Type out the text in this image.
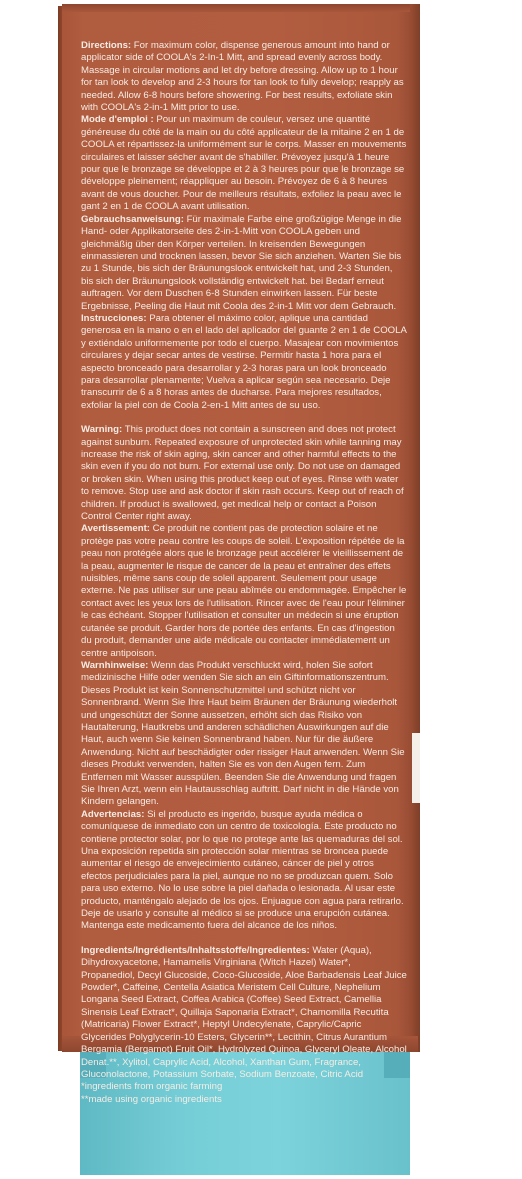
Directions: For maximum color, dispense generous amount into hand or applicator side of COOLA's 2-In-1 Mitt, and spread evenly across body. Massage in circular motions and let dry before dressing. Allow up to 1 hour for tan look to develop and 2-3 hours for tan look to fully develop; reapply as needed. Allow 6-8 hours before showering. For best results, exfoliate skin with COOLA's 2-in-1 Mitt prior to use.

Mode d'emploi : Pour un maximum de couleur, versez une quantité généreuse du côté de la main ou du côté applicateur de la mitaine 2 en 1 de COOLA et répartissez-la uniformément sur le corps. Masser en mouvements circulaires et laisser sécher avant de s'habiller. Prévoyez jusqu'à 1 heure pour que le bronzage se développe et 2 à 3 heures pour que le bronzage se développe pleinement; réappliquer au besoin. Prévoyez de 6 à 8 heures avant de vous doucher. Pour de meilleurs résultats, exfoliez la peau avec le gant 2 en 1 de COOLA avant utilisation.

Gebrauchsanweisung: Für maximale Farbe eine großzügige Menge in die Hand- oder Applikatorseite des 2-in-1-Mitt von COOLA geben und gleichmäßig über den Körper verteilen. In kreisenden Bewegungen einmassieren und trocknen lassen, bevor Sie sich anziehen. Warten Sie bis zu 1 Stunde, bis sich der Bräunungslook entwickelt hat, und 2-3 Stunden, bis sich der Bräunungslook vollständig entwickelt hat. bei Bedarf erneut auftragen. Vor dem Duschen 6-8 Stunden einwirken lassen. Für beste Ergebnisse, Peeling die Haut mit Coola des 2-in-1 Mitt vor dem Gebrauch.

Instrucciones: Para obtener el máximo color, aplique una cantidad generosa en la mano o en el lado del aplicador del guante 2 en 1 de COOLA y extiéndalo uniformemente por todo el cuerpo. Masajear con movimientos circulares y dejar secar antes de vestirse. Permitir hasta 1 hora para el aspecto bronceado para desarrollar y 2-3 horas para un look bronceado para desarrollar plenamente; Vuelva a aplicar según sea necesario. Deje transcurrir de 6 a 8 horas antes de ducharse. Para mejores resultados, exfoliar la piel con de Coola 2-en-1 Mitt antes de su uso.

Warning: This product does not contain a sunscreen and does not protect against sunburn. Repeated exposure of unprotected skin while tanning may increase the risk of skin aging, skin cancer and other harmful effects to the skin even if you do not burn. For external use only. Do not use on damaged or broken skin. When using this product keep out of eyes. Rinse with water to remove. Stop use and ask doctor if skin rash occurs. Keep out of reach of children. If product is swallowed, get medical help or contact a Poison Control Center right away.

Avertissement: Ce produit ne contient pas de protection solaire et ne protège pas votre peau contre les coups de soleil. L'exposition répétée de la peau non protégée alors que le bronzage peut accélérer le vieillissement de la peau, augmenter le risque de cancer de la peau et entraîner des effets nuisibles, même sans coup de soleil apparent. Seulement pour usage externe. Ne pas utiliser sur une peau abîmée ou endommagée. Empêcher le contact avec les yeux lors de l'utilisation. Rincer avec de l'eau pour l'éliminer le cas échéant. Stopper l'utilisation et consulter un médecin si une éruption cutanée se produit. Garder hors de portée des enfants. En cas d'ingestion du produit, demander une aide médicale ou contacter immédiatement un centre antipoison.

Warnhinweise: Wenn das Produkt verschluckt wird, holen Sie sofort medizinische Hilfe oder wenden Sie sich an ein Giftinformationszentrum. Dieses Produkt ist kein Sonnenschutzmittel und schützt nicht vor Sonnenbrand. Wenn Sie Ihre Haut beim Bräunen der Bräunung wiederholt und ungeschützt der Sonne aussetzen, erhöht sich das Risiko von Hautalterung, Hautkrebs und anderen schädlichen Auswirkungen auf die Haut, auch wenn Sie keinen Sonnenbrand haben. Nur für die äußere Anwendung. Nicht auf beschädigter oder rissiger Haut anwenden. Wenn Sie dieses Produkt verwenden, halten Sie es von den Augen fern. Zum Entfernen mit Wasser ausspülen. Beenden Sie die Anwendung und fragen Sie Ihren Arzt, wenn ein Hautausschlag auftritt. Darf nicht in die Hände von Kindern gelangen.

Advertencias: Si el producto es ingerido, busque ayuda médica o comuníquese de inmediato con un centro de toxicología. Este producto no contiene protector solar, por lo que no protege ante las quemaduras del sol. Una exposición repetida sin protección solar mientras se broncea puede aumentar el riesgo de envejecimiento cutáneo, cáncer de piel y otros efectos perjudiciales para la piel, aunque no no se produzcan quem. Solo para uso externo. No lo use sobre la piel dañada o lesionada. Al usar este producto, manténgalo alejado de los ojos. Enjuague con agua para retirarlo. Deje de usarlo y consulte al médico si se produce una erupción cutánea. Mantenga este medicamento fuera del alcance de los niños.

Ingredients/Ingrédients/Inhaltsstoffe/Ingredientes: Water (Aqua), Dihydroxyacetone, Hamamelis Virginiana (Witch Hazel) Water*, Propanediol, Decyl Glucoside, Coco-Glucoside, Aloe Barbadensis Leaf Juice Powder*, Caffeine, Centella Asiatica Meristem Cell Culture, Nephelium Longana Seed Extract, Coffea Arabica (Coffee) Seed Extract, Camellia Sinensis Leaf Extract*, Quillaja Saponaria Extract*, Chamomilla Recutita (Matricaria) Flower Extract*, Heptyl Undecylenate, Caprylic/Capric Glycerides Polyglycerin-10 Esters, Glycerin**, Lecithin, Citrus Aurantium Bergamia (Bergamot) Fruit Oil*, Hydrolyzed Quinoa, Glyceryl Oleate, Alcohol Denat.**, Xylitol, Caprylic Acid, Alcohol, Xanthan Gum, Fragrance, Gluconolactone, Potassium Sorbate, Sodium Benzoate, Citric Acid

*ingredients from organic farming

**made using organic ingredients
